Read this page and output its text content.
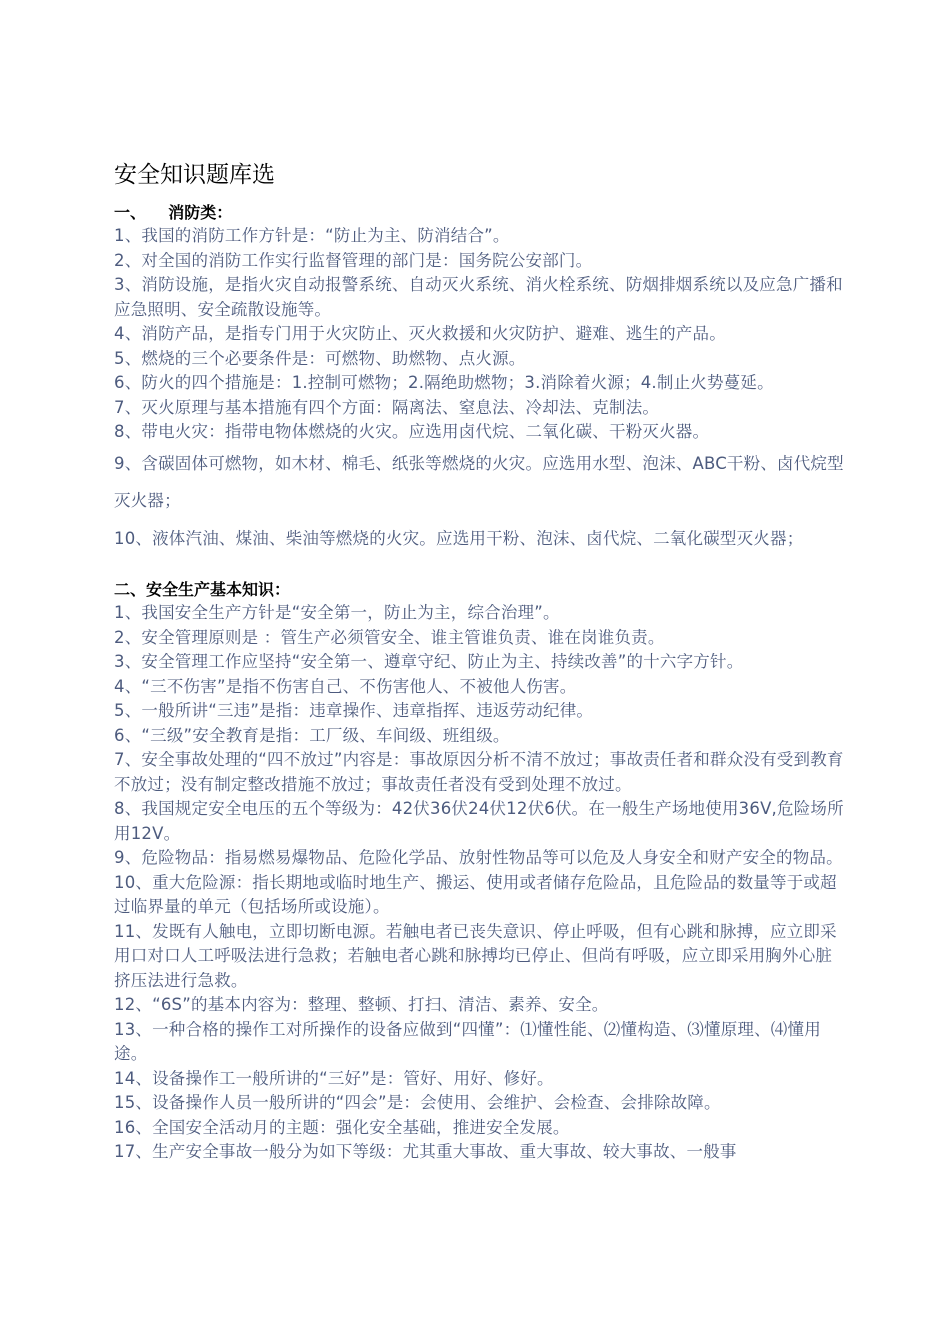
安全知识题库选

一、    消防类：

1、我国的消防工作方针是：“防止为主、防消结合”。

2、对全国的消防工作实行监督管理的部门是：国务院公安部门。

3、消防设施，是指火灾自动报警系统、自动灭火系统、消火栓系统、防烟排烟系统以及应急广播和应急照明、安全疏散设施等。

4、消防产品，是指专门用于火灾防止、灭火救援和火灾防护、避难、逃生的产品。

5、燃烧的三个必要条件是：可燃物、助燃物、点火源。

6、防火的四个措施是：1.控制可燃物；2.隔绝助燃物；3.消除着火源；4.制止火势蔓延。

7、灭火原理与基本措施有四个方面：隔离法、窒息法、冷却法、克制法。

8、带电火灾：指带电物体燃烧的火灾。应选用卤代烷、二氧化碳、干粉灭火器。

9、含碳固体可燃物，如木材、棉毛、纸张等燃烧的火灾。应选用水型、泡沫、ABC干粉、卤代烷型灭火器；

10、液体汽油、煤油、柴油等燃烧的火灾。应选用干粉、泡沫、卤代烷、二氧化碳型灭火器；

二、安全生产基本知识：

1、我国安全生产方针是“安全第一，防止为主，综合治理”。

2、安全管理原则是 ：管生产必须管安全、谁主管谁负责、谁在岗谁负责。

3、安全管理工作应坚持“安全第一、遵章守纪、防止为主、持续改善”的十六字方针。

4、“三不伤害”是指不伤害自己、不伤害他人、不被他人伤害。

5、一般所讲“三违”是指：违章操作、违章指挥、违返劳动纪律。

6、“三级”安全教育是指：工厂级、车间级、班组级。

7、安全事故处理的“四不放过”内容是：事故原因分析不清不放过；事故责任者和群众没有受到教育不放过；没有制定整改措施不放过；事故责任者没有受到处理不放过。

8、我国规定安全电压的五个等级为：42伏36伏24伏12伏6伏。在一般生产场地使用36V,危险场所用12V。

9、危险物品：指易燃易爆物品、危险化学品、放射性物品等可以危及人身安全和财产安全的物品。

10、重大危险源：指长期地或临时地生产、搬运、使用或者储存危险品，且危险品的数量等于或超过临界量的单元（包括场所或设施）。

11、发既有人触电，立即切断电源。若触电者已丧失意识、停止呼吸，但有心跳和脉搏，应立即采用口对口人工呼吸法进行急救；若触电者心跳和脉搏均已停止、但尚有呼吸，应立即采用胸外心脏挤压法进行急救。

12、“6S”的基本内容为：整理、整顿、打扫、清洁、素养、安全。

13、一种合格的操作工对所操作的设备应做到“四懂”：⑴懂性能、⑵懂构造、⑶懂原理、⑷懂用途。

14、设备操作工一般所讲的“三好”是：管好、用好、修好。

15、设备操作人员一般所讲的“四会”是：会使用、会维护、会检查、会排除故障。

16、全国安全活动月的主题：强化安全基础，推进安全发展。

17、生产安全事故一般分为如下等级：尤其重大事故、重大事故、较大事故、一般事
